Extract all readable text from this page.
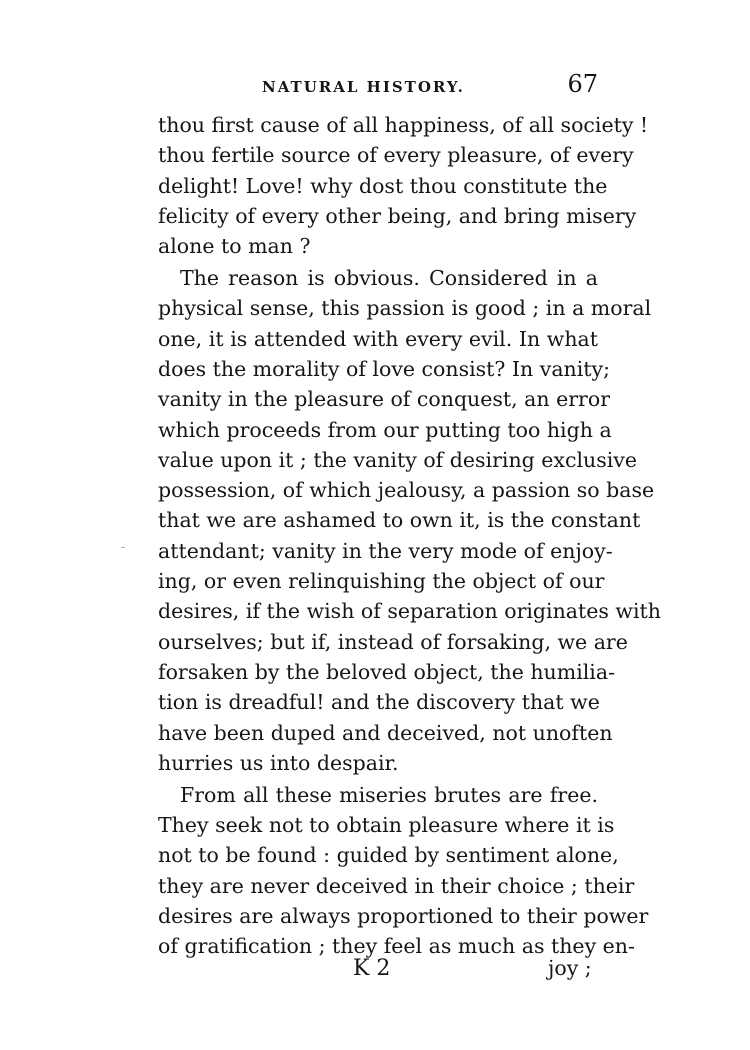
NATURAL HISTORY.	67
thou first cause of all happiness, of all society !
thou fertile source of every pleasure, of every
delight! Love! why dost thou constitute the
felicity of every other being, and bring misery
alone to man ?
The reason is obvious. Considered in a
physical sense, this passion is good ; in a moral
one, it is attended with every evil. In what
does the morality of love consist? In vanity;
vanity in the pleasure of conquest, an error
which proceeds from our putting too high a
value upon it ; the vanity of desiring exclusive
possession, of which jealousy, a passion so base
that we are ashamed to own it, is the constant
attendant; vanity in the very mode of enjoy-
ing, or even relinquishing the object of our
desires, if the wish of separation originates with
ourselves; but if, instead of forsaking, we are
forsaken by the beloved object, the humilia-
tion is dreadful! and the discovery that we
have been duped and deceived, not unoften
hurries us into despair.
From all these miseries brutes are free.
They seek not to obtain pleasure where it is
not to be found : guided by sentiment alone,
they are never deceived in their choice ; their
desires are always proportioned to their power
of gratification ; they feel as much as they en-
-
K 2	joy ;
